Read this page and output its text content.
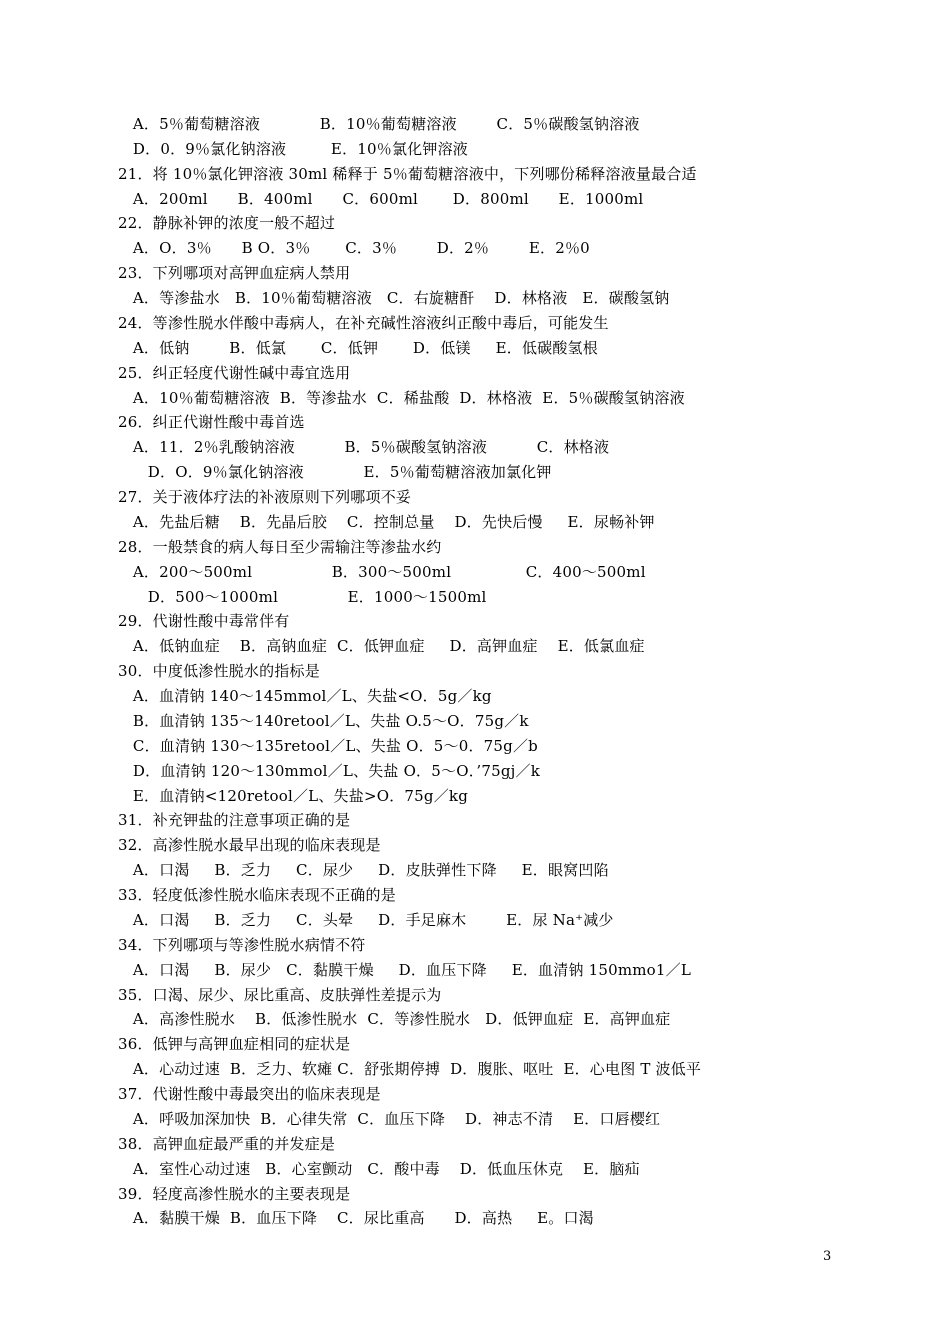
A．5％葡萄糖溶液            B．10％葡萄糖溶液        C．5％碳酸氢钠溶液
D．0．9％氯化钠溶液         E．10％氯化钾溶液
21．将 10％氯化钾溶液 30ml 稀释于 5％葡萄糖溶液中，下列哪份稀释溶液量最合适
A．200ml      B．400ml      C．600ml       D．800ml      E．1000ml
22．静脉补钾的浓度一般不超过
A．O．3％      B O．3％       C．3％        D．2％        E．2％0
23．下列哪项对高钾血症病人禁用
A．等渗盐水   B．10％葡萄糖溶液   C．右旋糖酐    D．林格液   E．碳酸氢钠
24．等渗性脱水伴酸中毒病人，在补充碱性溶液纠正酸中毒后，可能发生
A．低钠        B．低氯       C．低钾       D．低镁     E．低碳酸氢根
25．纠正轻度代谢性碱中毒宜选用
A．10％葡萄糖溶液  B．等渗盐水  C．稀盐酸  D．林格液  E．5％碳酸氢钠溶液
26．纠正代谢性酸中毒首选
A．11．2％乳酸钠溶液          B．5％碳酸氢钠溶液          C．林格液
D．O．9％氯化钠溶液            E．5％葡萄糖溶液加氯化钾
27．关于液体疗法的补液原则下列哪项不妥
A．先盐后糖    B．先晶后胶    C．控制总量    D．先快后慢     E．尿畅补钾
28．一般禁食的病人每日至少需输注等渗盐水约
A．200～500ml                B．300～500ml               C．400～500ml
D．500～1000ml              E．1000～1500ml
29．代谢性酸中毒常伴有
A．低钠血症    B．高钠血症  C．低钾血症     D．高钾血症    E．低氯血症
30．中度低渗性脱水的指标是
A．血清钠 140～145mmol／L、失盐<O．5g／kg
B．血清钠 135～140retool／L、失盐 O.5～O．75g／k
C．血清钠 130～135retool／L、失盐 O．5～0．75g／b
D．血清钠 120～130mmol／L、失盐 O．5～O．’75gj／k
E．血清钠<120retool／L、失盐>O．75g／kg
31．补充钾盐的注意事项正确的是
32．高渗性脱水最早出现的临床表现是
A．口渴     B．乏力     C．尿少     D．皮肤弹性下降     E．眼窝凹陷
33．轻度低渗性脱水临床表现不正确的是
A．口渴     B．乏力     C．头晕     D．手足麻木        E．尿 Na⁺减少
34．下列哪项与等渗性脱水病情不符
A．口渴     B．尿少   C．黏膜干燥     D．血压下降     E．血清钠 150mmo1／L
35．口渴、尿少、尿比重高、皮肤弹性差提示为
A．高渗性脱水    B．低渗性脱水  C．等渗性脱水   D．低钾血症  E．高钾血症
36．低钾与高钾血症相同的症状是
A．心动过速  B．乏力、软瘫 C．舒张期停搏  D．腹胀、呕吐  E．心电图 T 波低平
37．代谢性酸中毒最突出的临床表现是
A．呼吸加深加快  B．心律失常  C．血压下降    D．神志不清    E．口唇樱红
38．高钾血症最严重的并发症是
A．室性心动过速   B．心室颤动   C．酸中毒    D．低血压休克    E．脑疝
39．轻度高渗性脱水的主要表现是
A．黏膜干燥  B．血压下降    C．尿比重高      D．高热     E。口渴
3
